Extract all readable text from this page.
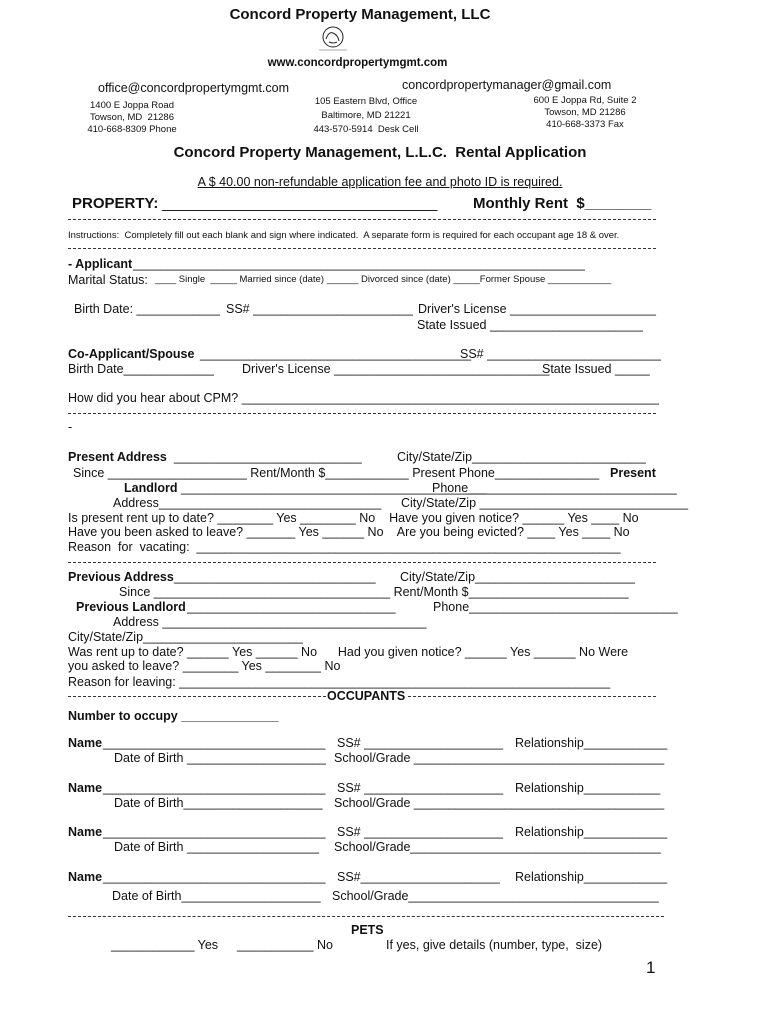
Concord Property Management, LLC
www.concordpropertymgmt.com
office@concordpropertymgmt.com	concordpropertymanager@gmail.com
1400 E Joppa Road
Towson, MD  21286
410-668-8309 Phone
105 Eastern Blvd, Office
Baltimore, MD 21221
443-570-5914  Desk Cell
600 E Joppa Rd, Suite 2
Towson, MD 21286
410-668-3373 Fax
Concord Property Management, L.L.C.  Rental Application
A $ 40.00 non-refundable application fee and photo ID is required.
PROPERTY: _________________________________ Monthly Rent  $________
Instructions:  Completely fill out each blank and sign where indicated.  A separate form is required for each occupant age 18 & over.
- Applicant _________________________________________________________________
Marital Status: ____ Single  _____ Married since (date) ______ Divorced since (date) _____Former Spouse ____________
Birth Date: ____________ SS# _______________________ Driver's License _____________________
State Issued ______________________
Co-Applicant/Spouse _______________________________________
SS# _________________________
Birth Date_____________ Driver's License _______________________________
State Issued _____
How did you hear about CPM? ____________________________________________________________
-
Present Address ___________________________	City/State/Zip_________________________
Since ____________________ Rent/Month $____________ Present Phone_______________ Present
Landlord ____________________________________________
Phone______________________________
Address________________________________ City/State/Zip ______________________________
Is present rent up to date? ________ Yes ________ No    Have you given notice? ______ Yes ____ No
Have you been asked to leave? _______ Yes ______ No    Are you being evicted? ____ Yes ____ No
Reason  for  vacating:  _____________________________________________________________
Previous Address _____________________________ City/State/Zip_______________________
Since __________________________________ Rent/Month $_______________________
Previous Landlord ______________________________	Phone______________________________
Address ______________________________________
City/State/Zip_______________________
Was rent up to date? ______ Yes ______ No      Had you given notice? ______ Yes ______ No Were
you asked to leave? ________ Yes ________ No
Reason for leaving: ______________________________________________________________
OCCUPANTS
Number to occupy ______________
Name ________________________________ SS# ____________________ Relationship____________
Date of Birth ____________________ School/Grade ____________________________________
Name ________________________________ SS# ____________________ Relationship___________
Date of Birth____________________ School/Grade ____________________________________
Name ________________________________ SS# ____________________ Relationship____________
Date of Birth ___________________ School/Grade____________________________________
Name ________________________________ SS#____________________ Relationship____________
Date of Birth____________________ School/Grade____________________________________
PETS
____________ Yes ___________ No	If yes, give details (number, type,  size)
1
